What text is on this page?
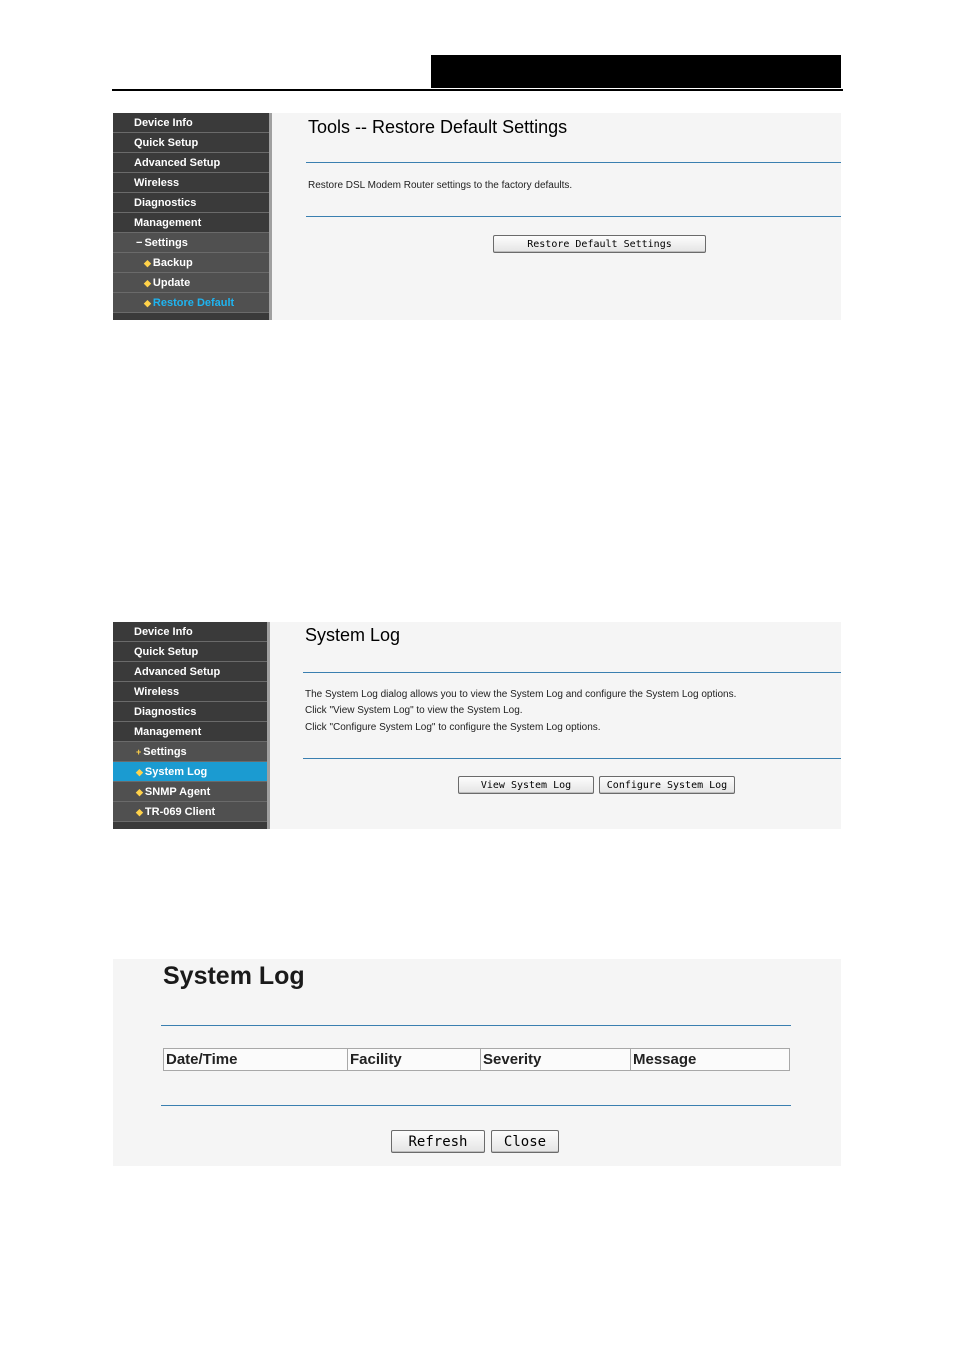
Device Info
Quick Setup
Advanced Setup
Wireless
Diagnostics
Management
− Settings
◆ Backup
◆ Update
◆ Restore Default
Tools -- Restore Default Settings
Restore DSL Modem Router settings to the factory defaults.
Restore Default Settings
Device Info
Quick Setup
Advanced Setup
Wireless
Diagnostics
Management
+ Settings
◆ System Log
◆ SNMP Agent
◆ TR-069 Client
System Log
The System Log dialog allows you to view the System Log and configure the System Log options.
Click "View System Log" to view the System Log.
Click "Configure System Log" to configure the System Log options.
View System Log	Configure System Log
System Log
Date/Time	Facility	Severity	Message
Refresh	Close
